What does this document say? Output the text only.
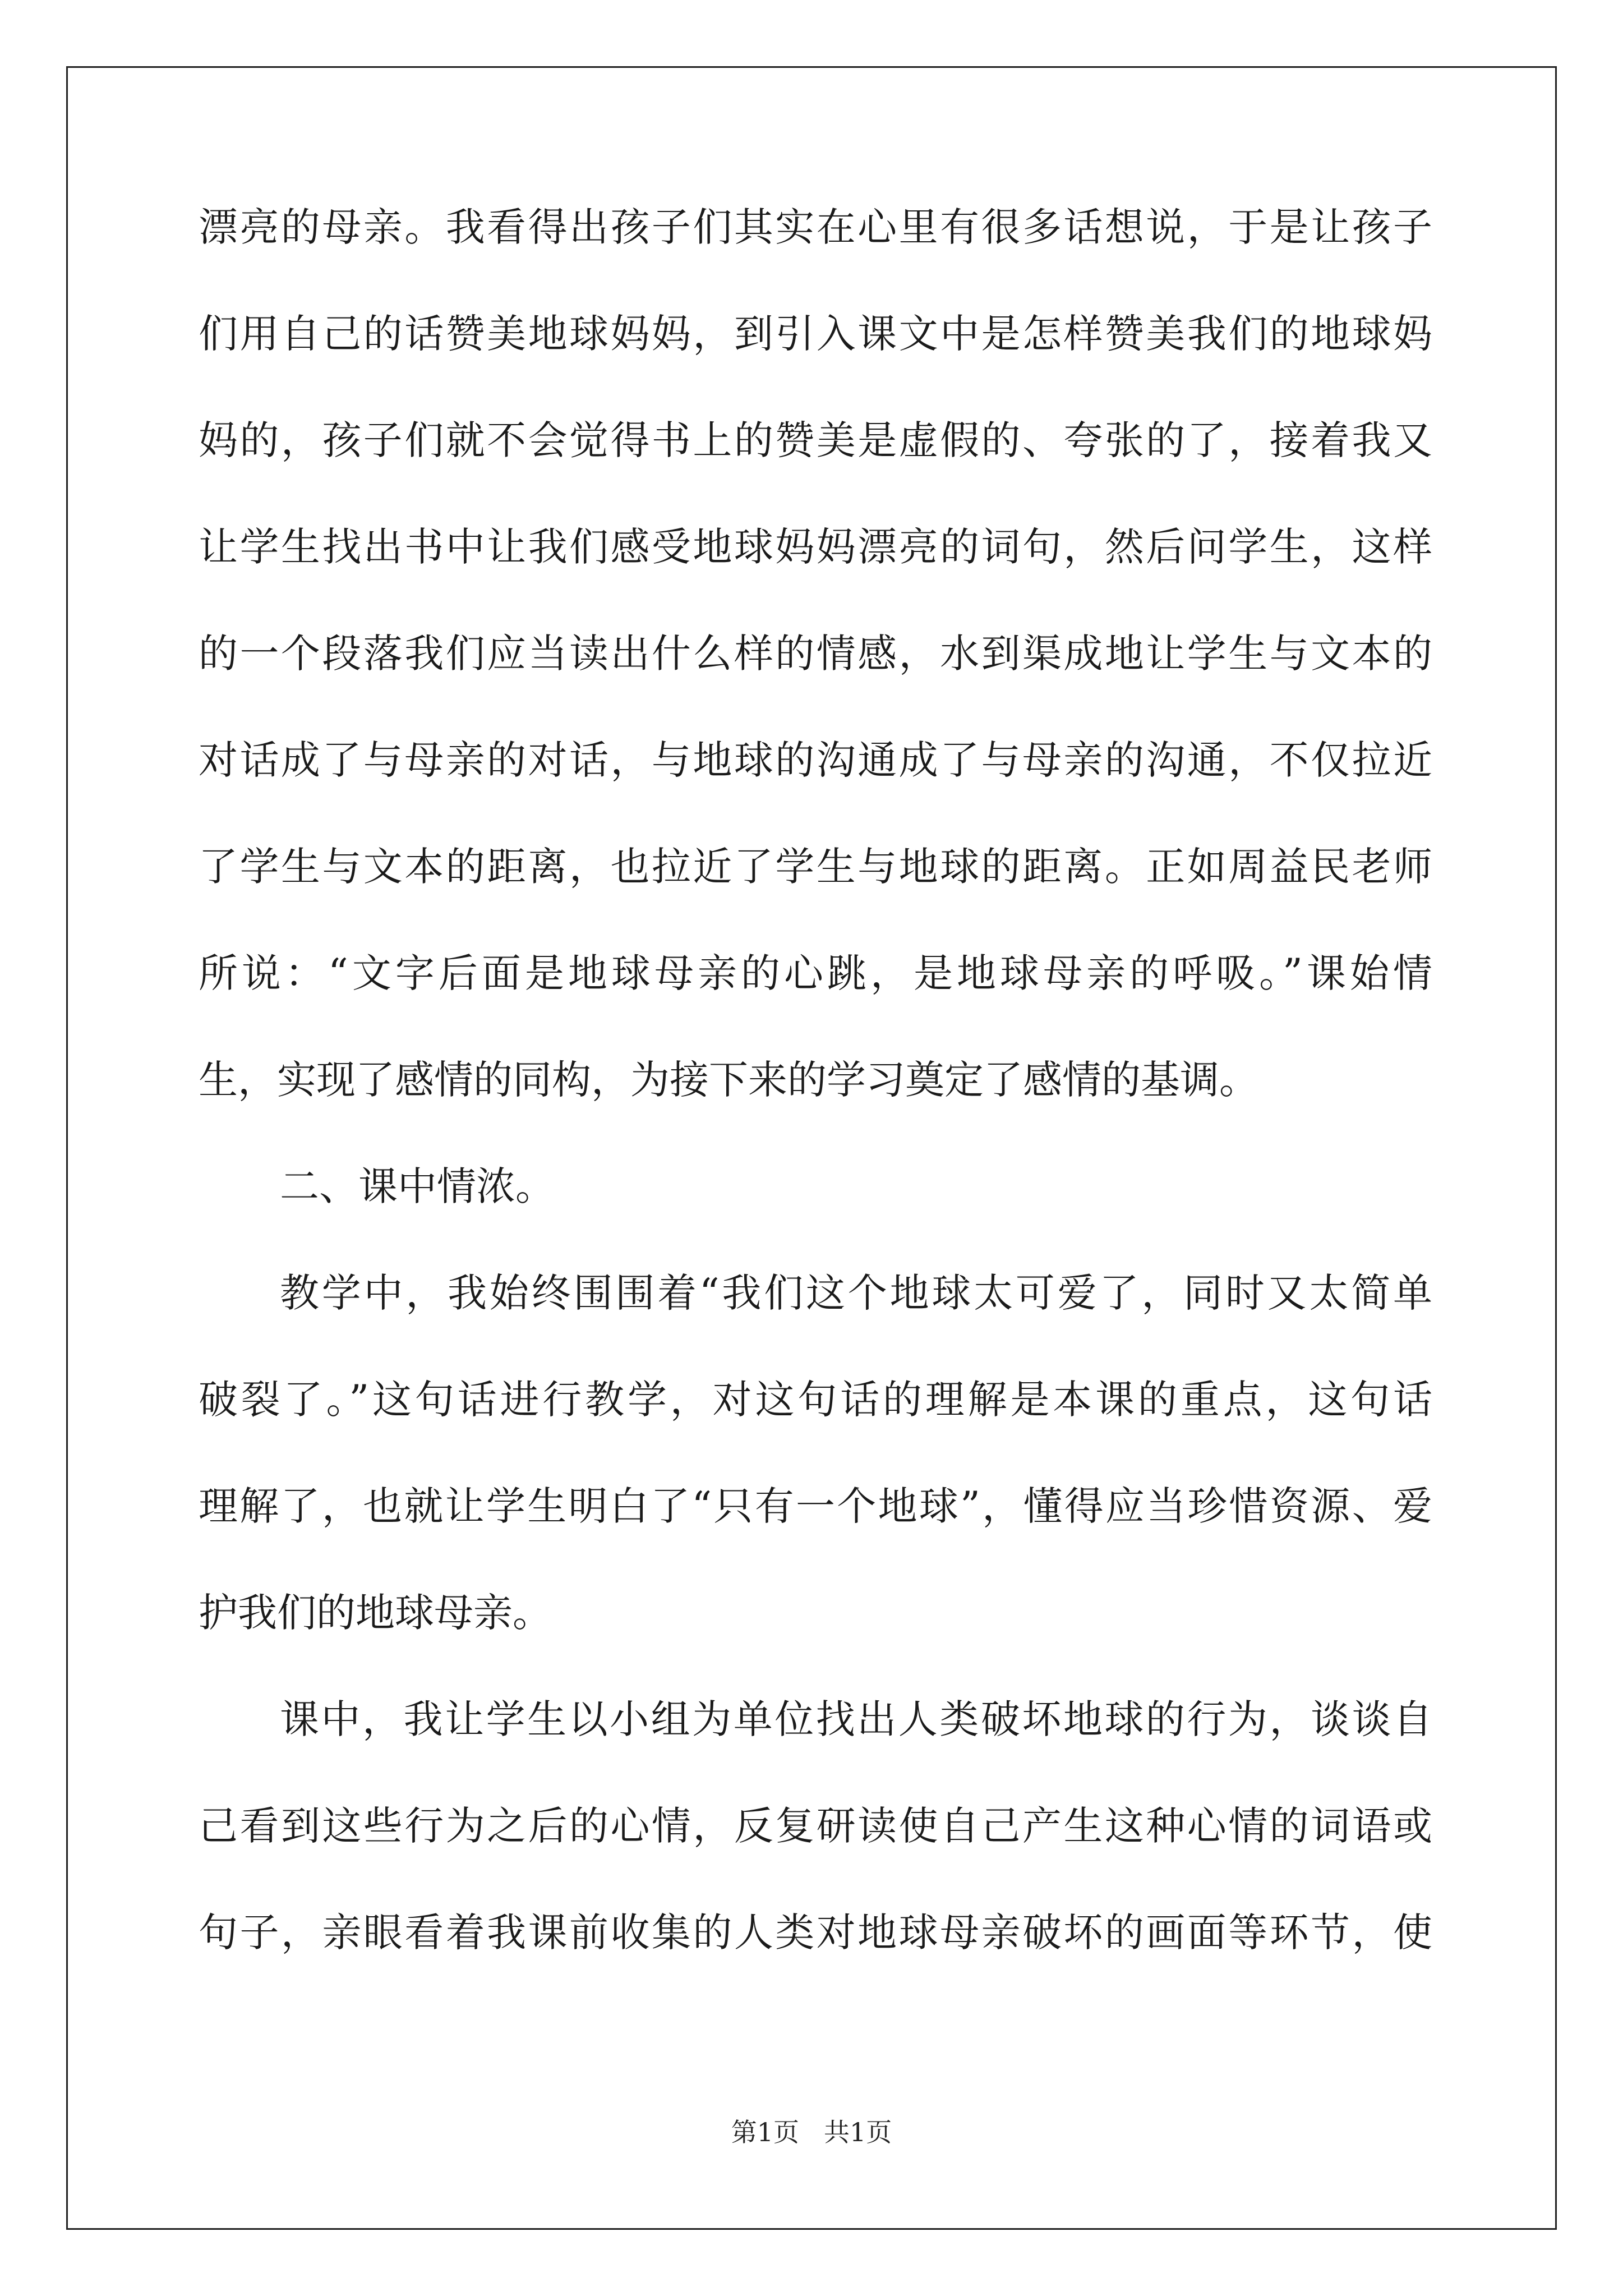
漂亮的母亲。我看得出孩子们其实在心里有很多话想说，于是让孩子
们用自己的话赞美地球妈妈，到引入课文中是怎样赞美我们的地球妈
妈的，孩子们就不会觉得书上的赞美是虚假的、夸张的了，接着我又
让学生找出书中让我们感受地球妈妈漂亮的词句，然后问学生，这样
的一个段落我们应当读出什么样的情感，水到渠成地让学生与文本的
对话成了与母亲的对话，与地球的沟通成了与母亲的沟通，不仅拉近
了学生与文本的距离，也拉近了学生与地球的距离。正如周益民老师
所说：“文字后面是地球母亲的心跳，是地球母亲的呼吸。”课始情
生，实现了感情的同构，为接下来的学习奠定了感情的基调。
二、课中情浓。
教学中，我始终围围着“我们这个地球太可爱了，同时又太简单
破裂了。”这句话进行教学，对这句话的理解是本课的重点，这句话
理解了，也就让学生明白了“只有一个地球”，懂得应当珍惜资源、爱
护我们的地球母亲。
课中，我让学生以小组为单位找出人类破坏地球的行为，谈谈自
己看到这些行为之后的心情，反复研读使自己产生这种心情的词语或
句子，亲眼看着我课前收集的人类对地球母亲破坏的画面等环节，使
第1页 共1页
